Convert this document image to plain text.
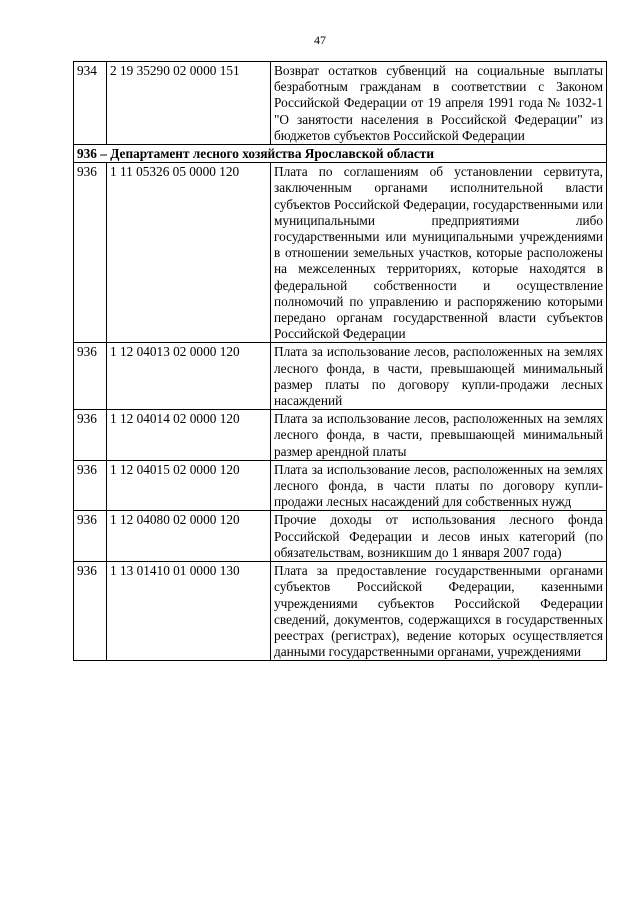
47
934	2 19 35290 02 0000 151	Возврат остатков субвенций на социальные выплаты безработным гражданам в соответствии с Законом Российской Федерации от 19 апреля 1991 года № 1032-1 "О занятости населения в Российской Федерации" из бюджетов субъектов Российской Федерации
936 – Департамент лесного хозяйства Ярославской области		
936	1 11 05326 05 0000 120	Плата по соглашениям об установлении сервитута, заключенным органами исполнительной власти субъектов Российской Федерации, государственными или муниципальными предприятиями либо государственными или муниципальными учреждениями в отношении земельных участков, которые расположены на межселенных территориях, которые находятся в федеральной собственности и осуществление полномочий по управлению и распоряжению которыми передано органам государственной власти субъектов Российской Федерации
936	1 12 04013 02 0000 120	Плата за использование лесов, расположенных на землях лесного фонда, в части, превышающей минимальный размер платы по договору купли-продажи лесных насаждений
936	1 12 04014 02 0000 120	Плата за использование лесов, расположенных на землях лесного фонда, в части, превышающей минимальный размер арендной платы
936	1 12 04015 02 0000 120	Плата за использование лесов, расположенных на землях лесного фонда, в части платы по договору купли-продажи лесных насаждений для собственных нужд
936	1 12 04080 02 0000 120	Прочие доходы от использования лесного фонда Российской Федерации и лесов иных категорий (по обязательствам, возникшим до 1 января 2007 года)
936	1 13 01410 01 0000 130	Плата за предоставление государственными органами субъектов Российской Федерации, казенными учреждениями субъектов Российской Федерации сведений, документов, содержащихся в государственных реестрах (регистрах), ведение которых осуществляется данными государственными органами, учреждениями
